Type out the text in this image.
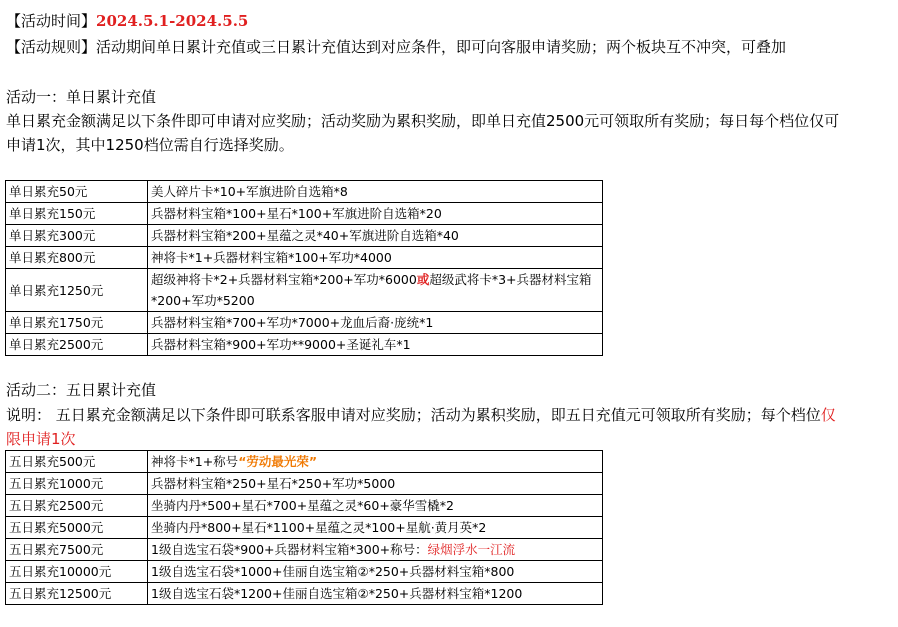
【活动时间】2024.5.1-2024.5.5
【活动规则】活动期间单日累计充值或三日累计充值达到对应条件，即可向客服申请奖励；两个板块互不冲突，可叠加
活动一：单日累计充值
单日累充金额满足以下条件即可申请对应奖励；活动奖励为累积奖励，即单日充值2500元可领取所有奖励；每日每个档位仅可
申请1次，其中1250档位需自行选择奖励。
单日累充50元	美人碎片卡*10+军旗进阶自选箱*8
单日累充150元	兵器材料宝箱*100+星石*100+军旗进阶自选箱*20
单日累充300元	兵器材料宝箱*200+星蕴之灵*40+军旗进阶自选箱*40
单日累充800元	神将卡*1+兵器材料宝箱*100+军功*4000
单日累充1250元	超级神将卡*2+兵器材料宝箱*200+军功*6000或超级武将卡*3+兵器材料宝箱
*200+军功*5200
单日累充1750元	兵器材料宝箱*700+军功*7000+龙血后裔·庞统*1
单日累充2500元	兵器材料宝箱*900+军功**9000+圣诞礼车*1
活动二：五日累计充值
说明： 五日累充金额满足以下条件即可联系客服申请对应奖励；活动为累积奖励，即五日充值元可领取所有奖励；每个档位仅
限申请1次
五日累充500元	神将卡*1+称号“劳动最光荣”
五日累充1000元	兵器材料宝箱*250+星石*250+军功*5000
五日累充2500元	坐骑内丹*500+星石*700+星蕴之灵*60+豪华雪橇*2
五日累充5000元	坐骑内丹*800+星石*1100+星蕴之灵*100+星航·黄月英*2
五日累充7500元	1级自选宝石袋*900+兵器材料宝箱*300+称号：绿烟浮水一江流
五日累充10000元	1级自选宝石袋*1000+佳丽自选宝箱②*250+兵器材料宝箱*800
五日累充12500元	1级自选宝石袋*1200+佳丽自选宝箱②*250+兵器材料宝箱*1200
